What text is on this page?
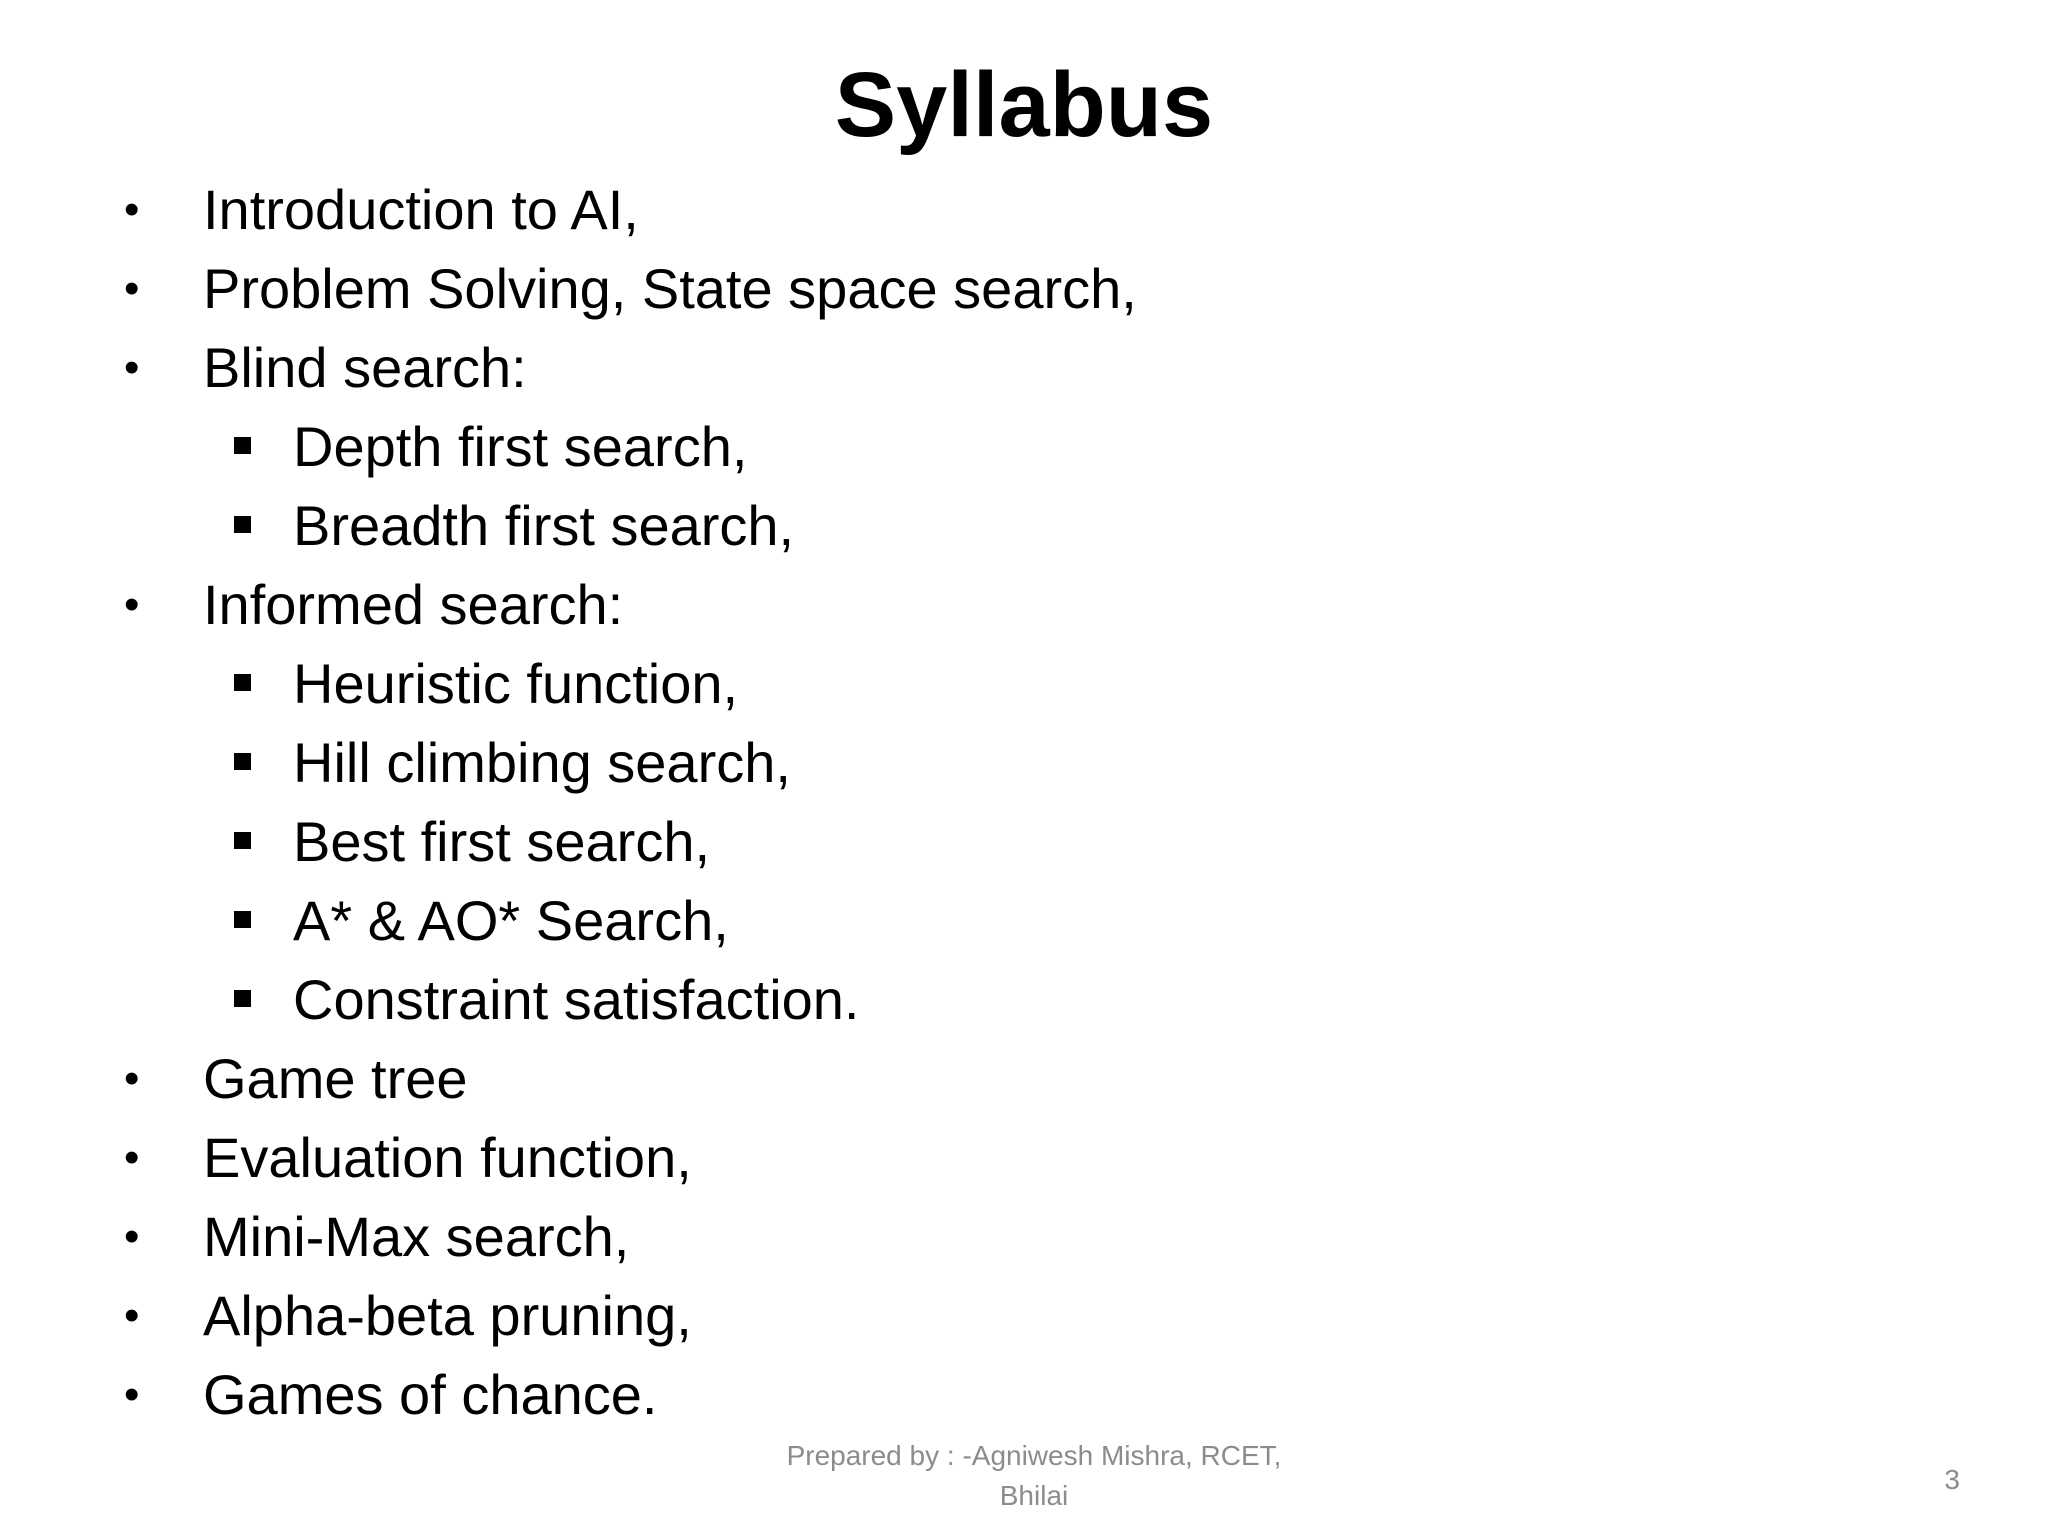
Syllabus
• Introduction to AI,
• Problem Solving, State space search,
• Blind search:
Depth first search,
Breadth first search,
• Informed search:
Heuristic function,
Hill climbing search,
Best first search,
A* & AO* Search,
Constraint satisfaction.
• Game tree
• Evaluation function,
• Mini-Max search,
• Alpha-beta pruning,
• Games of chance.
Prepared by : -Agniwesh Mishra, RCET,
Bhilai
3
